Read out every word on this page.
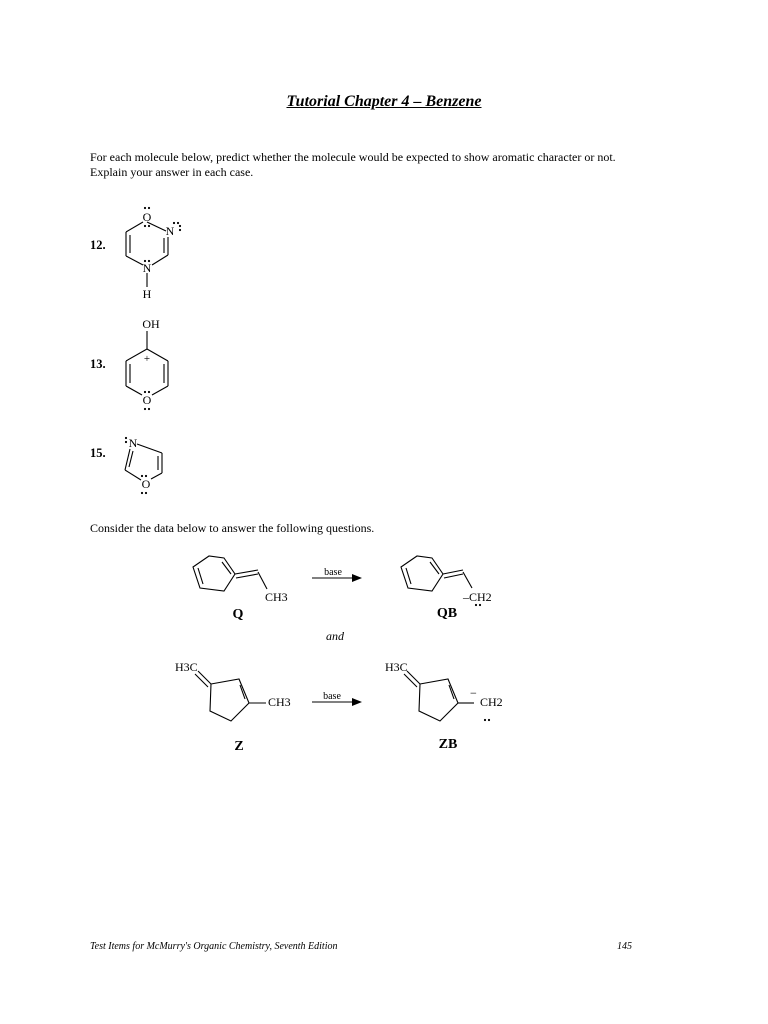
Tutorial Chapter 4 – Benzene
For each molecule below, predict whether the molecule would be expected to show aromatic character or not.
Explain your answer in each case.
12.
13.
15.
Consider the data below to answer the following questions.
O
N
N
H
OH
+
O
N
O
base
CH3	–CH2
Q	QB
and
H3C
CH3	base
H3C
−
CH2
Z	ZB
Test Items for McMurry's Organic Chemistry, Seventh Edition	145
